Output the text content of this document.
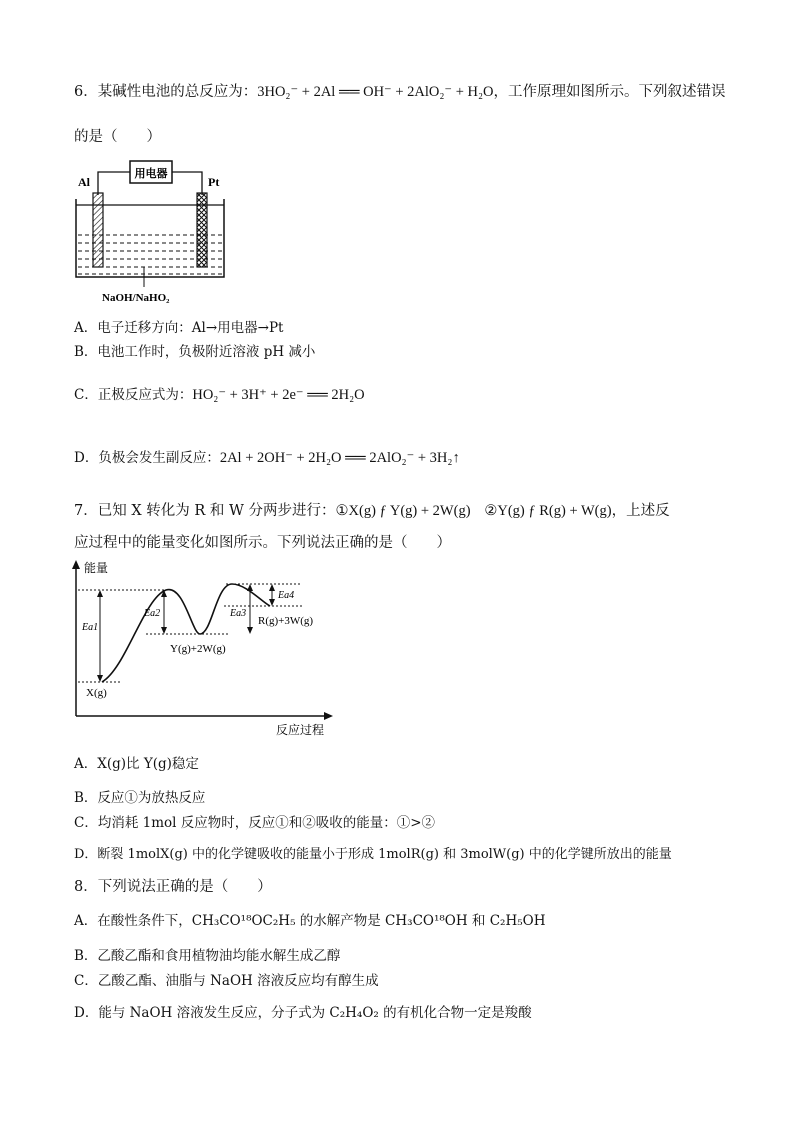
6．某碱性电池的总反应为：3HO₂⁻ + 2Al ══ OH⁻ + 2AlO₂⁻ + H₂O，工作原理如图所示。下列叙述错误
的是（　　）
用电器
Al	Pt
NaOH/NaHO₂
A．电子迁移方向：Al→用电器→Pt
B．电池工作时，负极附近溶液 pH 减小
C．正极反应式为：HO₂⁻ + 3H⁺ + 2e⁻ ══ 2H₂O
D．负极会发生副反应：2Al + 2OH⁻ + 2H₂O ══ 2AlO₂⁻ + 3H₂↑
7．已知 X 转化为 R 和 W 分两步进行：①X(g) ƒ Y(g) + 2W(g) ②Y(g) ƒ R(g) + W(g)，上述反
应过程中的能量变化如图所示。下列说法正确的是（　　）
能量
反应过程
Ea1
Ea2	Ea3
Ea4
X(g)
Y(g)+2W(g)
R(g)+3W(g)
A．X(g)比 Y(g)稳定
B．反应①为放热反应
C．均消耗 1mol 反应物时，反应①和②吸收的能量：①>②
D．断裂 1molX(g) 中的化学键吸收的能量小于形成 1molR(g) 和 3molW(g) 中的化学键所放出的能量
8．下列说法正确的是（　　）
A．在酸性条件下，CH₃CO¹⁸OC₂H₅ 的水解产物是 CH₃CO¹⁸OH 和 C₂H₅OH
B．乙酸乙酯和食用植物油均能水解生成乙醇
C．乙酸乙酯、油脂与 NaOH 溶液反应均有醇生成
D．能与 NaOH 溶液发生反应，分子式为 C₂H₄O₂ 的有机化合物一定是羧酸
